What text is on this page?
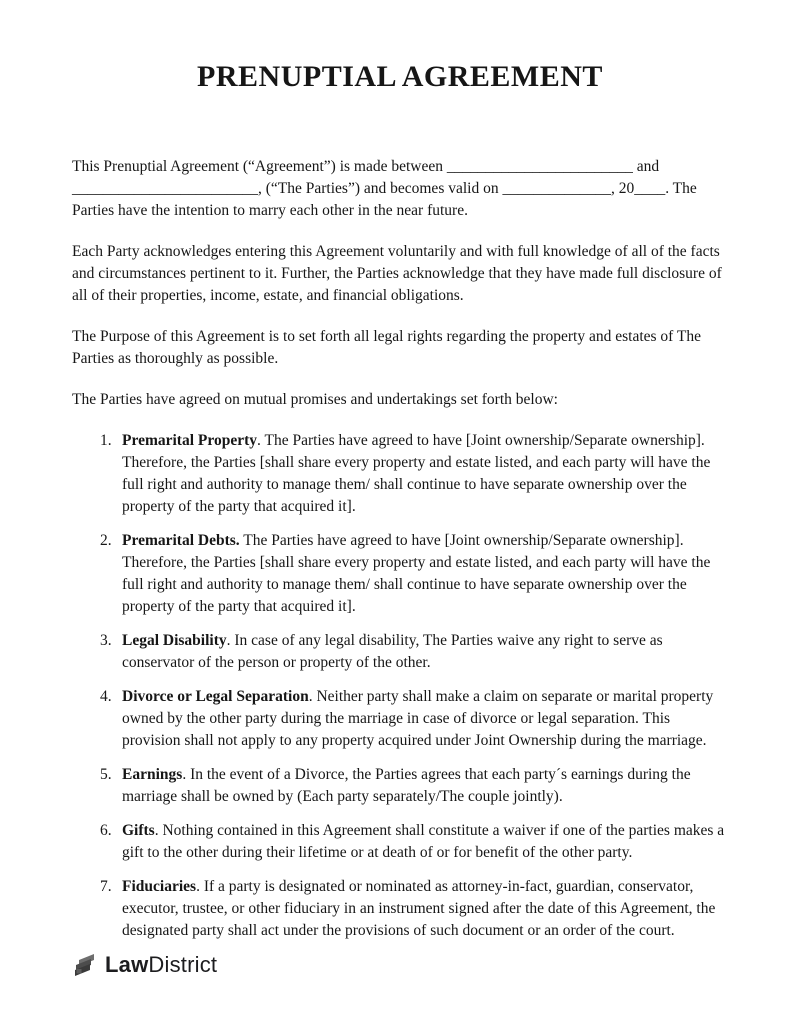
PRENUPTIAL AGREEMENT

This Prenuptial Agreement (“Agreement”) is made between ________________________ and ________________________, (“The Parties”) and becomes valid on ______________, 20____. The Parties have the intention to marry each other in the near future.

Each Party acknowledges entering this Agreement voluntarily and with full knowledge of all of the facts and circumstances pertinent to it. Further, the Parties acknowledge that they have made full disclosure of all of their properties, income, estate, and financial obligations.

The Purpose of this Agreement is to set forth all legal rights regarding the property and estates of The Parties as thoroughly as possible.

The Parties have agreed on mutual promises and undertakings set forth below:

1. Premarital Property. The Parties have agreed to have [Joint ownership/Separate ownership]. Therefore, the Parties [shall share every property and estate listed, and each party will have the full right and authority to manage them/ shall continue to have separate ownership over the property of the party that acquired it].

2. Premarital Debts. The Parties have agreed to have [Joint ownership/Separate ownership]. Therefore, the Parties [shall share every property and estate listed, and each party will have the full right and authority to manage them/ shall continue to have separate ownership over the property of the party that acquired it].

3. Legal Disability. In case of any legal disability, The Parties waive any right to serve as conservator of the person or property of the other.

4. Divorce or Legal Separation. Neither party shall make a claim on separate or marital property owned by the other party during the marriage in case of divorce or legal separation. This provision shall not apply to any property acquired under Joint Ownership during the marriage.

5. Earnings. In the event of a Divorce, the Parties agrees that each party´s earnings during the marriage shall be owned by (Each party separately/The couple jointly).

6. Gifts. Nothing contained in this Agreement shall constitute a waiver if one of the parties makes a gift to the other during their lifetime or at death of or for benefit of the other party.

7. Fiduciaries. If a party is designated or nominated as attorney-in-fact, guardian, conservator, executor, trustee, or other fiduciary in an instrument signed after the date of this Agreement, the designated party shall act under the provisions of such document or an order of the court.

LawDistrict
